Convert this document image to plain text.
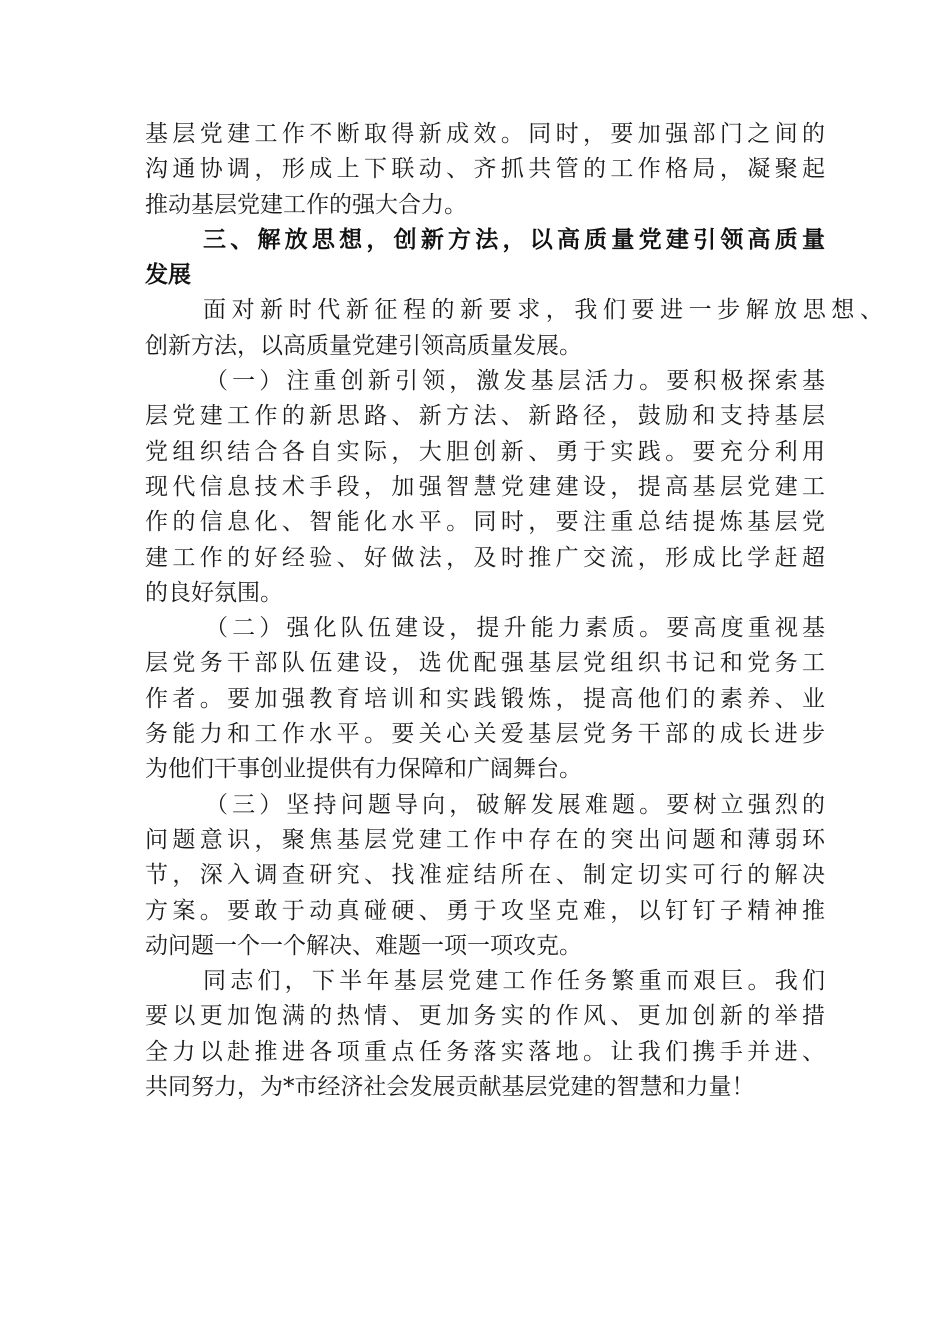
基层党建工作不断取得新成效。同时，要加强部门之间的
沟通协调，形成上下联动、齐抓共管的工作格局，凝聚起
推动基层党建工作的强大合力。
三、解放思想，创新方法，以高质量党建引领高质量
发展
面对新时代新征程的新要求，我们要进一步解放思想、
创新方法，以高质量党建引领高质量发展。
（一）注重创新引领，激发基层活力。要积极探索基
层党建工作的新思路、新方法、新路径，鼓励和支持基层
党组织结合各自实际，大胆创新、勇于实践。要充分利用
现代信息技术手段，加强智慧党建建设，提高基层党建工
作的信息化、智能化水平。同时，要注重总结提炼基层党
建工作的好经验、好做法，及时推广交流，形成比学赶超
的良好氛围。
（二）强化队伍建设，提升能力素质。要高度重视基
层党务干部队伍建设，选优配强基层党组织书记和党务工
作者。要加强教育培训和实践锻炼，提高他们的素养、业
务能力和工作水平。要关心关爱基层党务干部的成长进步
为他们干事创业提供有力保障和广阔舞台。
（三）坚持问题导向，破解发展难题。要树立强烈的
问题意识，聚焦基层党建工作中存在的突出问题和薄弱环
节，深入调查研究、找准症结所在、制定切实可行的解决
方案。要敢于动真碰硬、勇于攻坚克难，以钉钉子精神推
动问题一个一个解决、难题一项一项攻克。
同志们，下半年基层党建工作任务繁重而艰巨。我们
要以更加饱满的热情、更加务实的作风、更加创新的举措
全力以赴推进各项重点任务落实落地。让我们携手并进、
共同努力，为*市经济社会发展贡献基层党建的智慧和力量！
